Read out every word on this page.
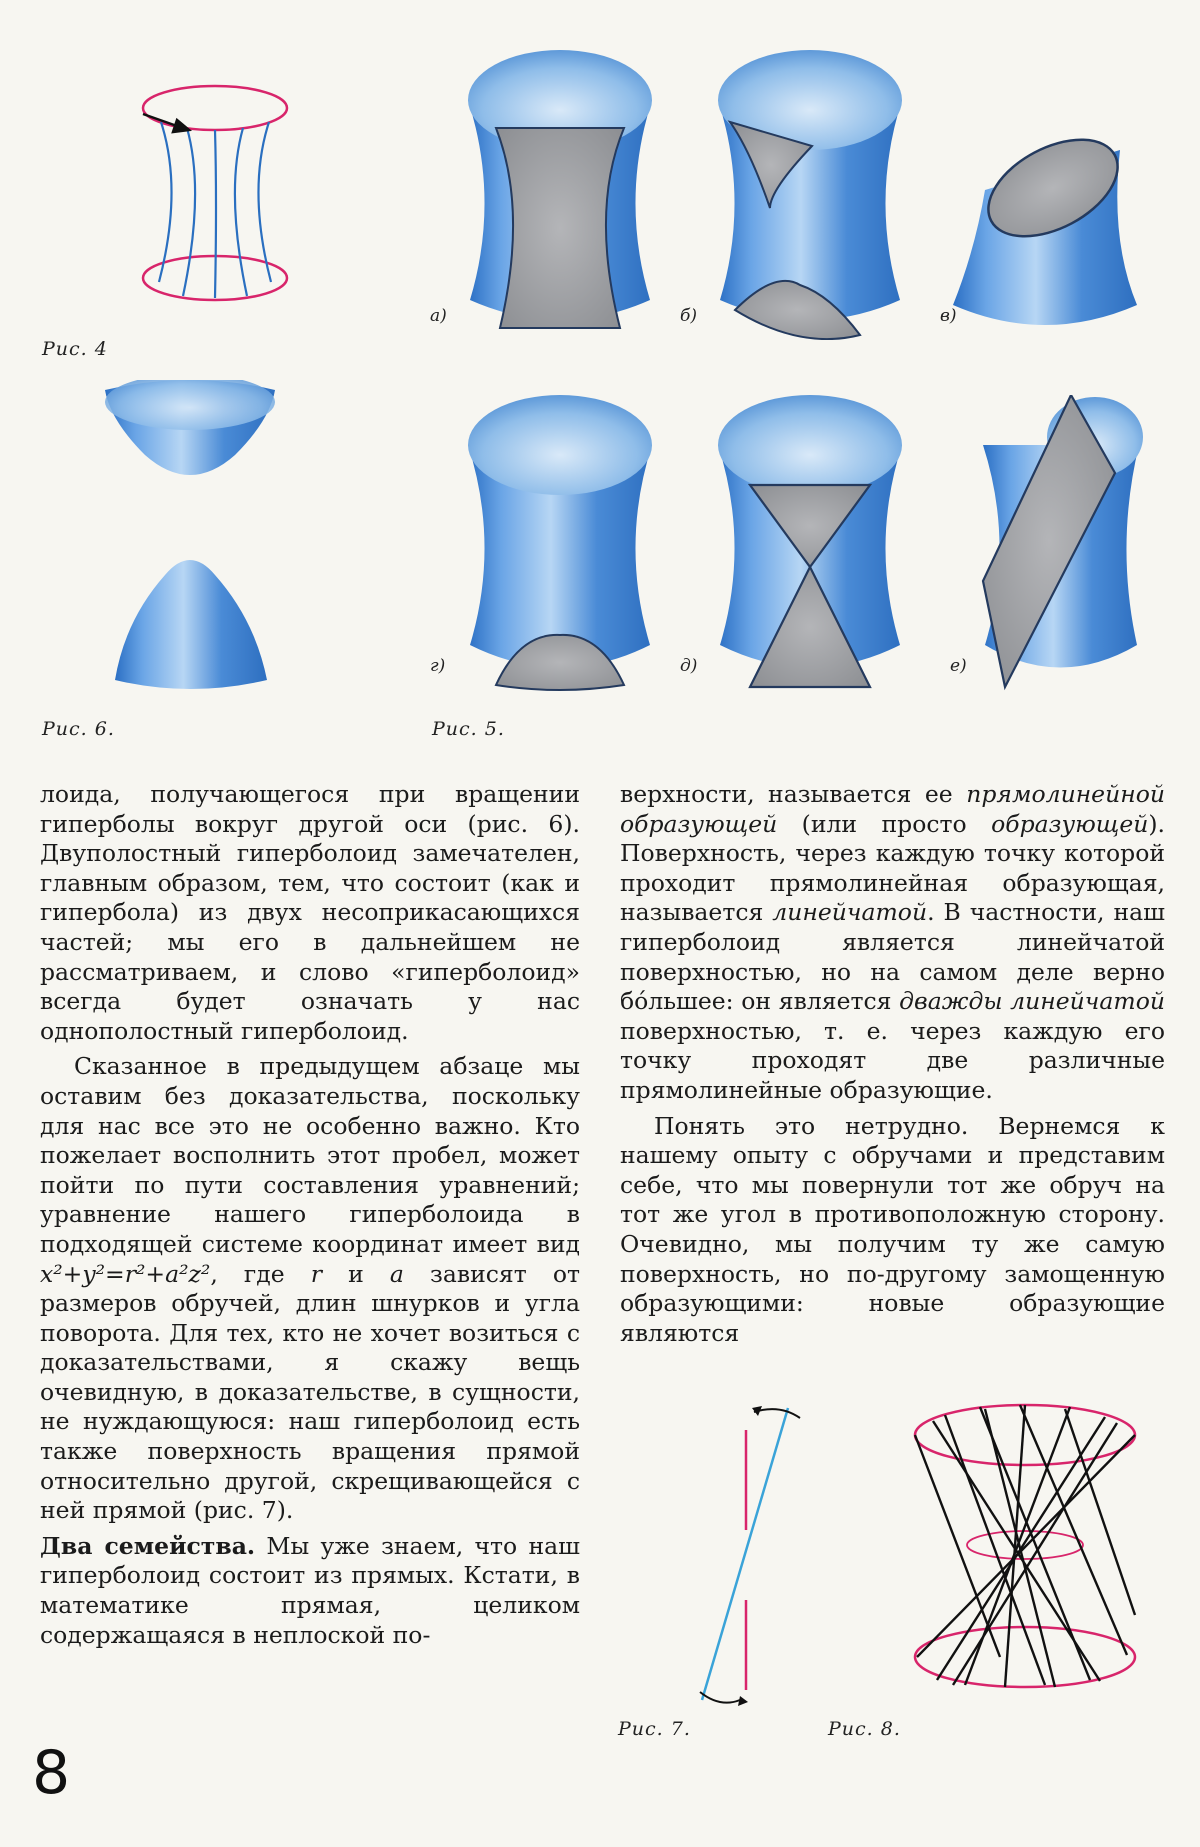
Рис. 4
Рис. 6.
а)	б)	в)
г)	д)	е)
Рис. 5.

лоида, получающегося при вращении гиперболы вокруг другой оси (рис. 6). Двуполостный гиперболоид замечателен, главным образом, тем, что состоит (как и гипербола) из двух несоприкасающихся частей; мы его в дальнейшем не рассматриваем, и слово «гиперболоид» всегда будет означать у нас однополостный гиперболоид.

Сказанное в предыдущем абзаце мы оставим без доказательства, поскольку для нас все это не особенно важно. Кто пожелает восполнить этот пробел, может пойти по пути составления уравнений; уравнение нашего гиперболоида в подходящей системе координат имеет вид x²+y²=r²+a²z², где r и a зависят от размеров обручей, длин шнурков и угла поворота. Для тех, кто не хочет возиться с доказательствами, я скажу вещь очевидную, в доказательстве, в сущности, не нуждающуюся: наш гиперболоид есть также поверхность вращения прямой относительно другой, скрещивающейся с ней прямой (рис. 7).

Два семейства. Мы уже знаем, что наш гиперболоид состоит из прямых. Кстати, в математике прямая, целиком содержащаяся в неплоской по-

верхности, называется ее прямолинейной образующей (или просто образующей). Поверхность, через каждую точку которой проходит прямолинейная образующая, называется линейчатой. В частности, наш гиперболоид является линейчатой поверхностью, но на самом деле верно бóльшее: он является дважды линейчатой поверхностью, т. е. через каждую его точку проходят две различные прямолинейные образующие.

Понять это нетрудно. Вернемся к нашему опыту с обручами и представим себе, что мы повернули тот же обруч на тот же угол в противоположную сторону. Очевидно, мы получим ту же самую поверхность, но по-другому замощенную образующими: новые образующие являются

Рис. 7.	Рис. 8.
8
